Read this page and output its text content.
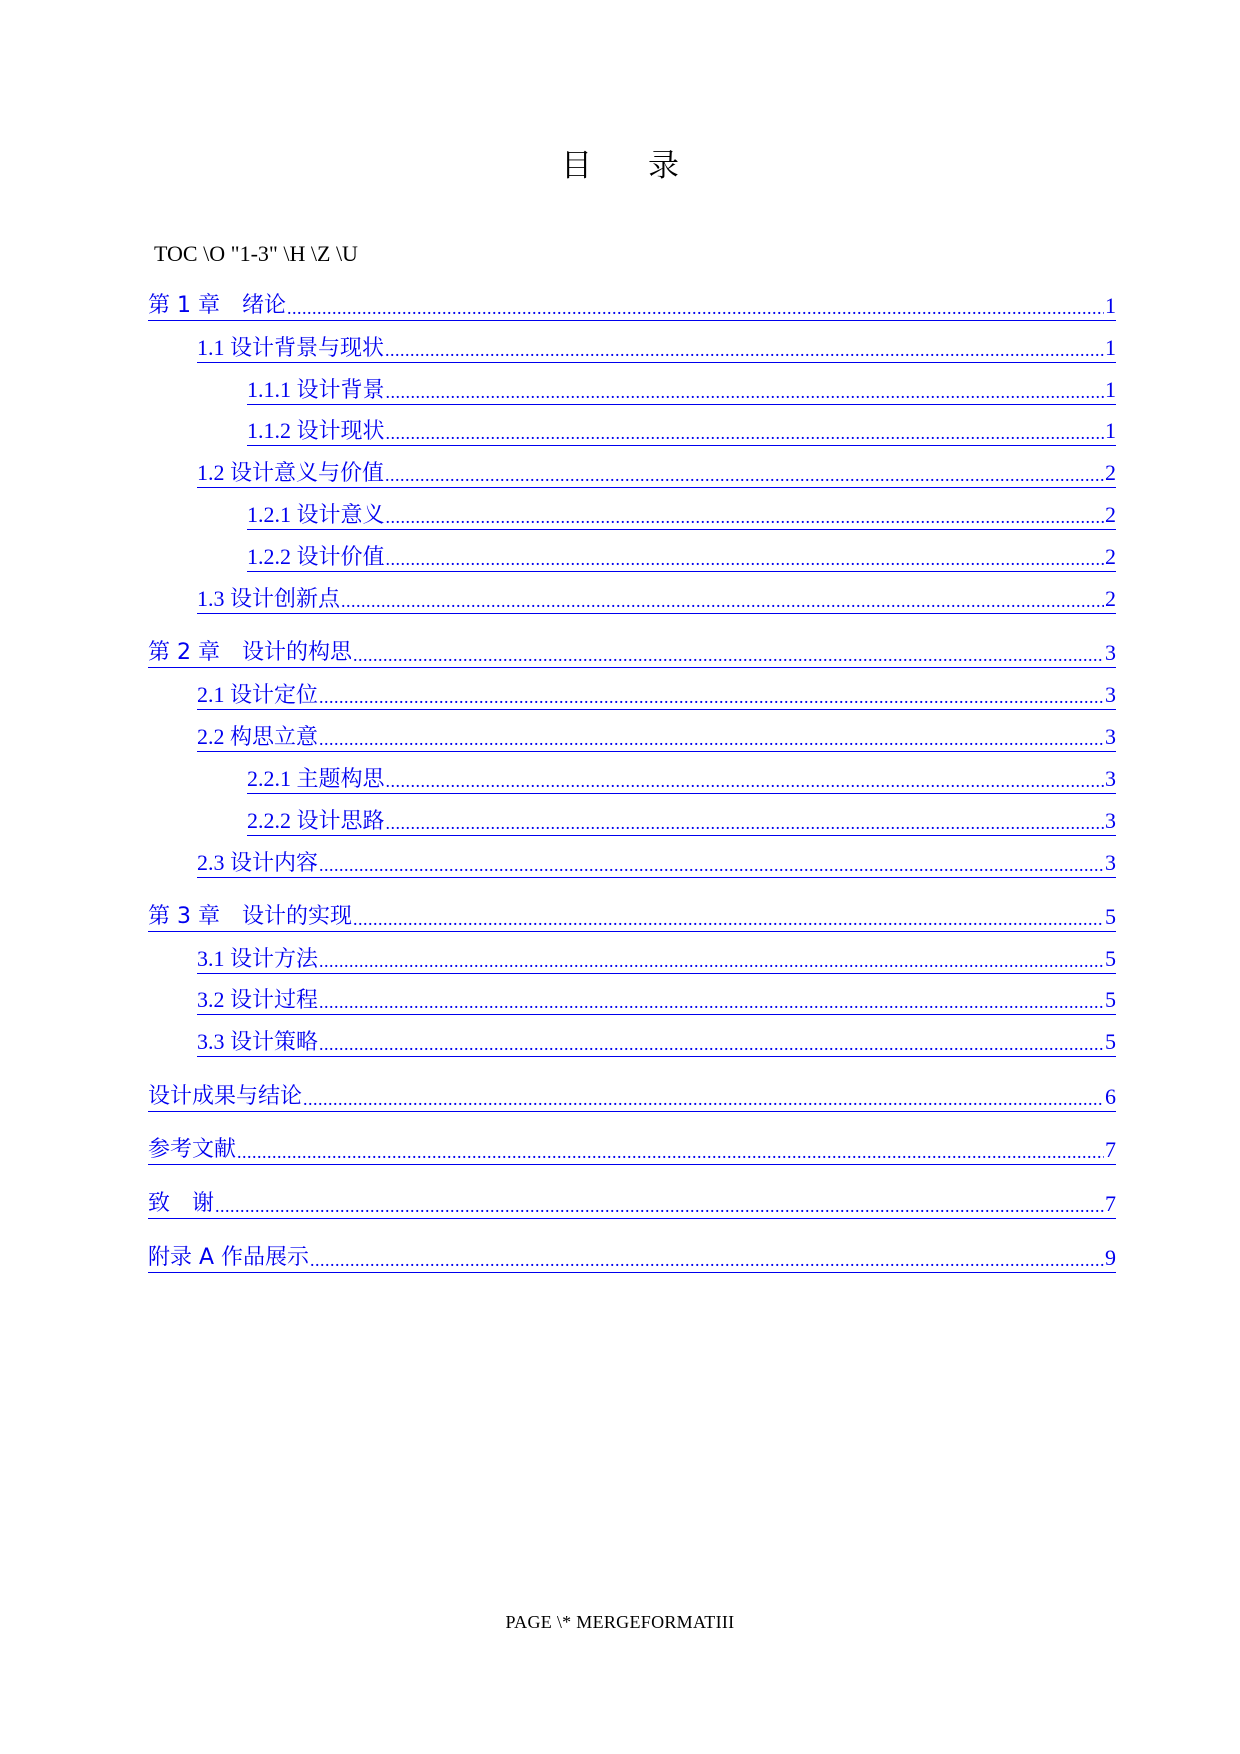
目录
TOC \O "1-3" \H \Z \U
第 1 章　绪论 .....	1
1.1 设计背景与现状 .....	1
1.1.1 设计背景 .....	1
1.1.2 设计现状 .....	1
1.2 设计意义与价值 .....	2
1.2.1 设计意义 .....	2
1.2.2 设计价值 .....	2
1.3 设计创新点 .....	2
第 2 章　设计的构思 .....	3
2.1 设计定位 .....	3
2.2 构思立意 .....	3
2.2.1 主题构思 .....	3
2.2.2 设计思路 .....	3
2.3 设计内容 .....	3
第 3 章　设计的实现 .....	5
3.1 设计方法 .....	5
3.2 设计过程 .....	5
3.3 设计策略 .....	5
设计成果与结论 .....	6
参考文献 .....	7
致　谢 .....	7
附录 A 作品展示 .....	9
PAGE \* MERGEFORMATIII
